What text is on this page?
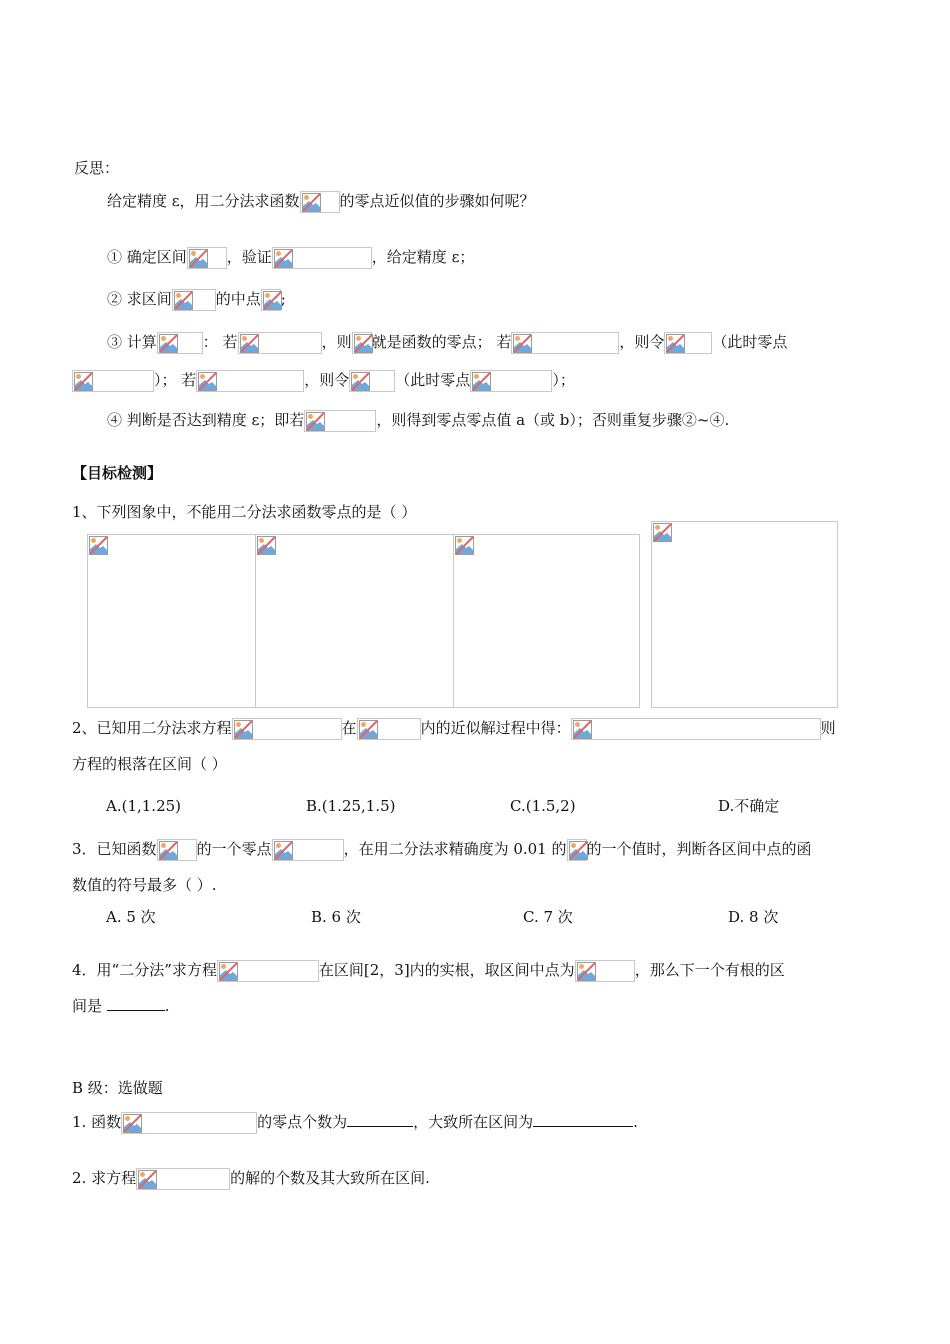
反思：
给定精度 ε，用二分法求函数	的零点近似值的步骤如何呢？
① 确定区间	，验证	，给定精度 ε；
② 求区间	的中点 ;
③ 计算	： 若	，则 就是函数的零点； 若	，则令	（此时零点
）； 若	，则令	（此时零点	）；
④ 判断是否达到精度 ε；即若	，则得到零点零点值 a（或 b）；否则重复步骤②~④.
【目标检测】
1、下列图象中，不能用二分法求函数零点的是（ ）
2、已知用二分法求方程	在	内的近似解过程中得：	则
方程的根落在区间（ ）
A.(1,1.25)	B.(1.25,1.5)	C.(1.5,2)	D.不确定
3．已知函数	的一个零点	，在用二分法求精确度为 0.01 的 的一个值时，判断各区间中点的函
数值的符号最多（ ）.
A. 5 次	B. 6 次	C. 7 次	D. 8 次
4．用“二分法”求方程	在区间[2，3]内的实根，取区间中点为	，那么下一个有根的区
间是	.
B 级：选做题
1. 函数	的零点个数为	，大致所在区间为	.
2. 求方程	的解的个数及其大致所在区间.
